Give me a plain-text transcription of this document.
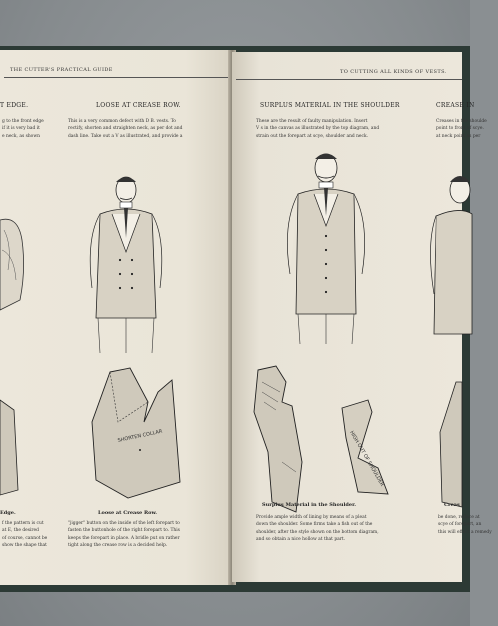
THE CUTTER'S PRACTICAL GUIDE
T EDGE.
g to the front edge
if it is very bad it
e neck, as shown
LOOSE AT CREASE ROW.
This is a very common defect with D B. vests. To
rectify, shorten and straighten neck, as per dot and
dash line. Take out a V as illustrated, and provide a
SHORTEN COLLAR
Edge.	Loose at Crease Row.
f the pattern is cut
at E, the desired
of course, cannot be
show the shape that
"jigger" button on the inside of the left forepart to
fasten the buttonhole of the right forepart to. This
keeps the forepart in place. A bridle put on rather
tight along the crease row is a decided help.
TO CUTTING ALL KINDS OF VESTS.
SURPLUS MATERIAL IN THE SHOULDER
These are the result of faulty manipulation. Insert
V s in the canvas as illustrated by the top diagram, and
strain out the forepart at scye, shoulder and neck.
CREASE IN
Creases in the shoulde
point to front of scye.
at neck point as per
HIGH OUT OF SHOULDER
Surplus Material in the Shoulder.	Creas
Provide ample width of lining by means of a pleat
down the shoulder. Some firms take a fish out of the
shoulder, after the style shown on the bottom diagram,
and so obtain a nice hollow at that part.
be done, reduce at
scye of forepart, an
this will effect a remedy
